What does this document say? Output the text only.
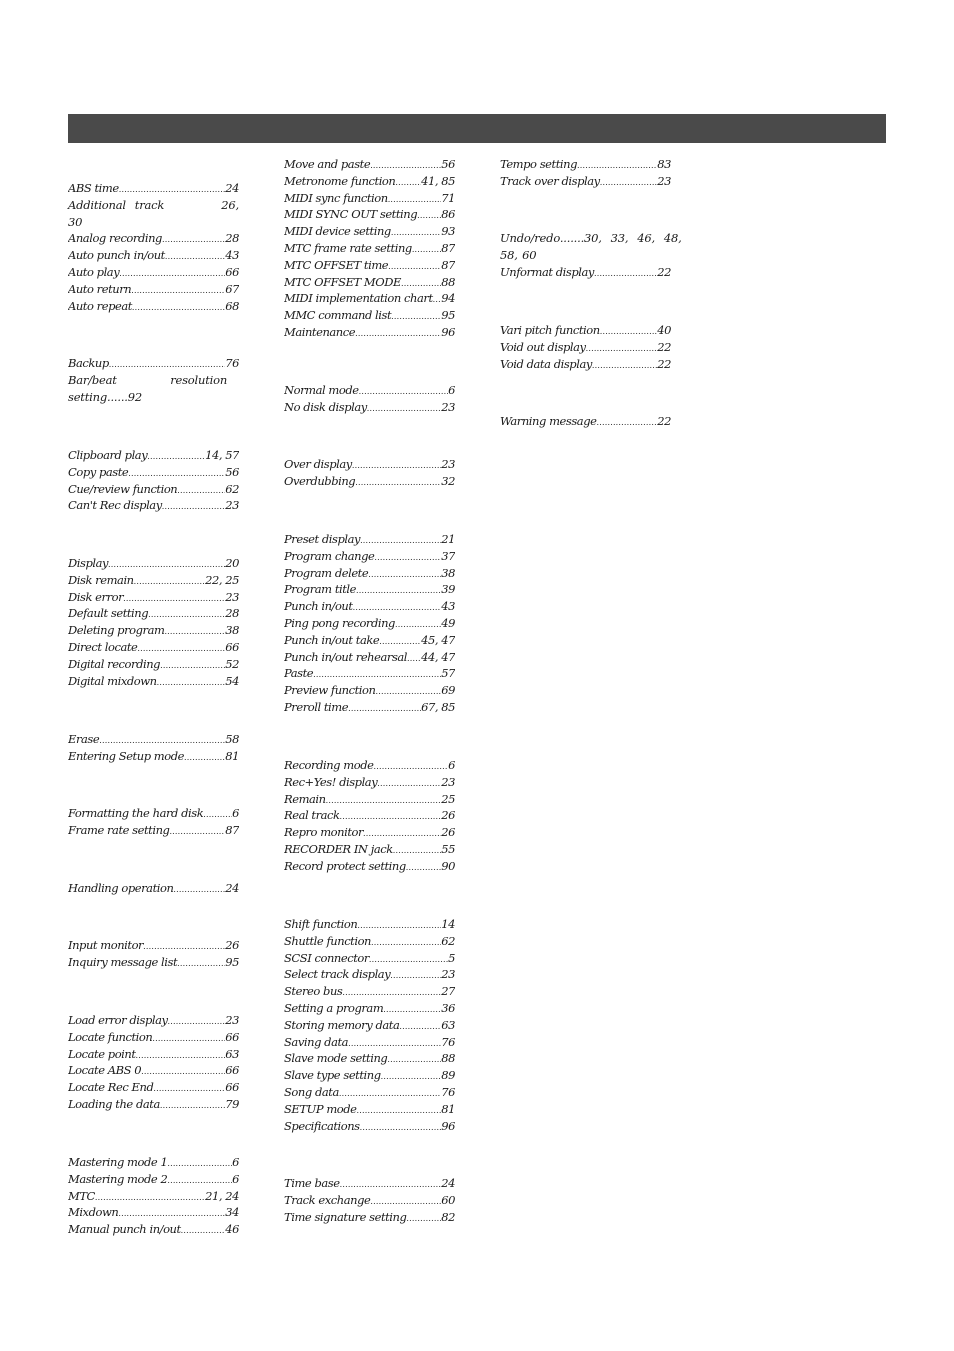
ABS time .....	24
Additional  track	26,
30
Analog recording .....	28
Auto punch in/out .....	43
Auto play .....	66
Auto return .....	67
Auto repeat .....	68
Backup .....	76
Bar/beat            resolution
setting......92
Clipboard play .....	14, 57
Copy paste .....	56
Cue/review function .....	62
Can't Rec display .....	23
Display .....	20
Disk remain .....	22, 25
Disk error .....	23
Default setting .....	28
Deleting program .....	38
Direct locate .....	66
Digital recording .....	52
Digital mixdown .....	54
Erase .....	58
Entering Setup mode .....	81
Formatting the hard disk .....	6
Frame rate setting .....	87
Handling operation .....	24
Input monitor .....	26
Inquiry message list .....	95
Load error display .....	23
Locate function .....	66
Locate point .....	63
Locate ABS 0 .....	66
Locate Rec End .....	66
Loading the data .....	79
Mastering mode 1 .....	6
Mastering mode 2 .....	6
MTC .....	21, 24
Mixdown .....	34
Manual punch in/out .....	46
Move and paste .....	56
Metronome function ..... 41, 85
MIDI sync function .....	71
MIDI SYNC OUT setting ..... 86
MIDI device setting .....	93
MTC frame rate setting .....	87
MTC OFFSET time .....	87
MTC OFFSET MODE .....	88
MIDI implementation chart ..... 94
MMC command list .....	95
Maintenance .....	96
Normal mode .....	6
No disk display .....	23
Over display .....	23
Overdubbing .....	32
Preset display .....	21
Program change .....	37
Program delete .....	38
Program title .....	39
Punch in/out .....	43
Ping pong recording .....	49
Punch in/out take .....	45, 47
Punch in/out rehearsal ..... 44, 47
Paste .....	57
Preview function .....	69
Preroll time .....	67, 85
Recording mode .....	6
Rec+Yes! display .....	23
Remain .....	25
Real track .....	26
Repro monitor .....	26
RECORDER IN jack .....	55
Record protect setting .....	90
Shift function .....	14
Shuttle function .....	62
SCSI connector .....	5
Select track display .....	23
Stereo bus .....	27
Setting a program .....	36
Storing memory data .....	63
Saving data .....	76
Slave mode setting .....	88
Slave type setting .....	89
Song data .....	76
SETUP mode .....	81
Specifications .....	96
Time base .....	24
Track exchange .....	60
Time signature setting .....	82
Tempo setting .....	83
Track over display .....	23
Undo/redo.......30,  33,  46,  48,
58, 60
Unformat display .....	22
Vari pitch function .....	40
Void out display .....	22
Void data display .....	22
Warning message .....	22
